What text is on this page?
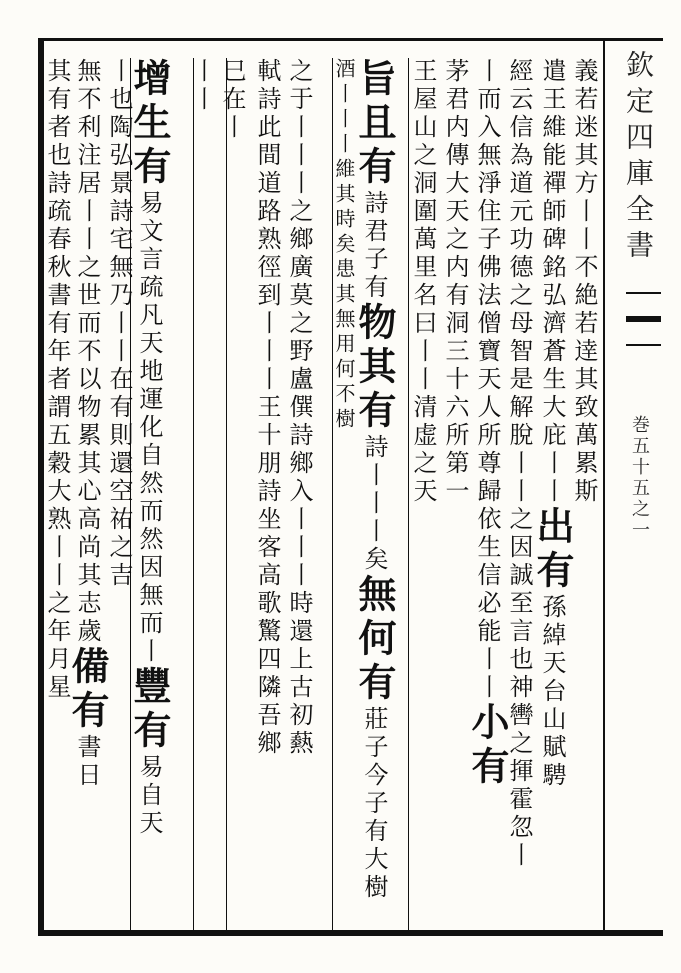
欽定四庫全書
巻五十五之一
義若迷其方丨丨不絶若逹其致萬累斯
遣王維能禪師碑銘弘濟蒼生大庇丨丨出有孫綽天台山賦騁
經云信為道元功德之母智是解脫丨丨之因誠至言也神轡之揮霍忽丨
丨而入無淨住子佛法僧寶天人所尊歸依生信必能丨丨小有
茅君内傳大天之内有洞三十六所第一
王屋山之洞圍萬里名曰丨丨清虚之天
旨且有詩君子有物其有詩丨丨丨矣無何有莊子今子有大樹
酒丨丨丨維其時矣患其無用何不樹
之于丨丨丨之鄉廣莫之野盧僎詩鄉入丨丨丨時還上古初爇
軾詩此間道路熟徑到丨丨丨王十朋詩坐客高歌驚四隣吾鄉
巳在丨
丨丨
增生有易文言疏凡天地運化自然而然因無而丨豐有易自天
丨也陶弘景詩宅無乃丨丨在有則還空祐之吉
無不利注居丨丨之世而不以物累其心高尚其志歲備有書日
其有者也詩疏春秋書有年者謂五穀大熟丨丨之年月星
